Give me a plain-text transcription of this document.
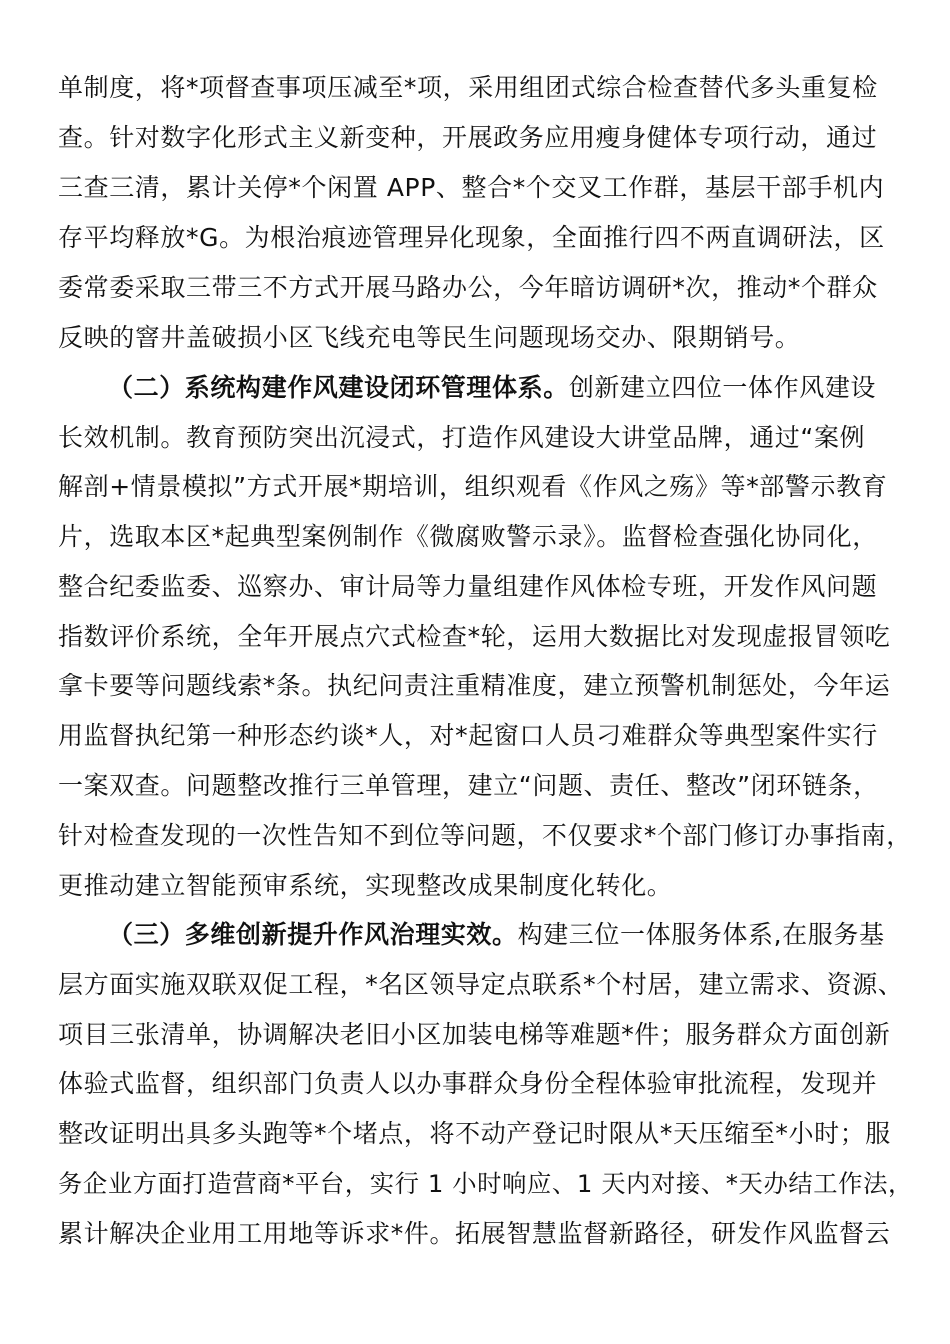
单制度，将*项督查事项压减至*项，采用组团式综合检查替代多头重复检
查。针对数字化形式主义新变种，开展政务应用瘦身健体专项行动，通过
三查三清，累计关停*个闲置 APP、整合*个交叉工作群，基层干部手机内
存平均释放*G。为根治痕迹管理异化现象，全面推行四不两直调研法，区
委常委采取三带三不方式开展马路办公，今年暗访调研*次，推动*个群众
反映的窨井盖破损小区飞线充电等民生问题现场交办、限期销号。
（二）系统构建作风建设闭环管理体系。创新建立四位一体作风建设
长效机制。教育预防突出沉浸式，打造作风建设大讲堂品牌，通过“案例
解剖+情景模拟”方式开展*期培训，组织观看《作风之殇》等*部警示教育
片，选取本区*起典型案例制作《微腐败警示录》。监督检查强化协同化，
整合纪委监委、巡察办、审计局等力量组建作风体检专班，开发作风问题
指数评价系统，全年开展点穴式检查*轮，运用大数据比对发现虚报冒领吃
拿卡要等问题线索*条。执纪问责注重精准度，建立预警机制惩处，今年运
用监督执纪第一种形态约谈*人，对*起窗口人员刁难群众等典型案件实行
一案双查。问题整改推行三单管理，建立“问题、责任、整改”闭环链条，
针对检查发现的一次性告知不到位等问题，不仅要求*个部门修订办事指南，
更推动建立智能预审系统，实现整改成果制度化转化。
（三）多维创新提升作风治理实效。构建三位一体服务体系,在服务基
层方面实施双联双促工程，*名区领导定点联系*个村居，建立需求、资源、
项目三张清单，协调解决老旧小区加装电梯等难题*件；服务群众方面创新
体验式监督，组织部门负责人以办事群众身份全程体验审批流程，发现并
整改证明出具多头跑等*个堵点，将不动产登记时限从*天压缩至*小时；服
务企业方面打造营商*平台，实行 1 小时响应、1 天内对接、*天办结工作法，
累计解决企业用工用地等诉求*件。拓展智慧监督新路径，研发作风监督云
